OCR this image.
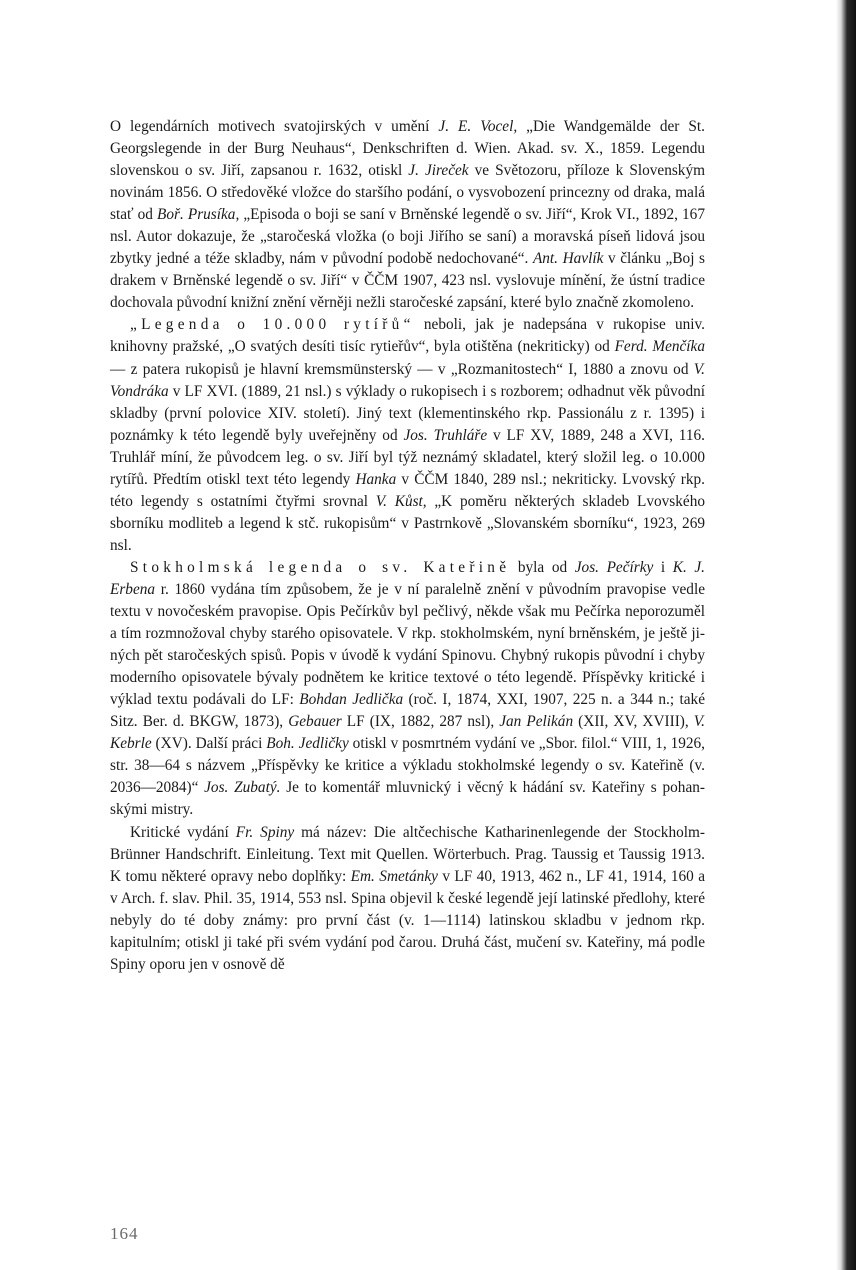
O legendárních motivech svatojirských v umění J. E. Vocel, „Die Wandgemälde der St. Georgslegende in der Burg Neuhaus“, Denkschriften d. Wien. Akad. sv. X., 1859. Legendu slovenskou o sv. Jiří, zapsanou r. 1632, otiskl J. Jireček ve Světozoru, příloze k Slovenským novinám 1856. O středověké vložce do staršího podání, o vysvobození princezny od draka, malá stať od Boř. Prusíka, „Episoda o boji se saní v Brněnské legendě o sv. Jiří“, Krok VI., 1892, 167 nsl. Autor dokazuje, že „staročeská vložka (o boji Jiřího se saní) a moravská píseň lidová jsou zbytky jedné a téže skladby, nám v původní podobě nedochované“. Ant. Havlík v článku „Boj s drakem v Brněnské legendě o sv. Jiří“ v ČČM 1907, 423 nsl. vyslovuje mínění, že ústní tradice dochovala původní knižní znění věrněji nežli staročeské zapsání, které bylo značně zkomoleno.

„Legenda o 10.000 rytířů“ neboli, jak je nadepsána v rukopise univ. knihovny pražské, „O svatých desíti tisíc rytieřův“, byla otištěna (nekriticky) od Ferd. Menčíka — z patera rukopisů je hlavní kremsmünsterský — v „Rozmanitostech“ I, 1880 a znovu od V. Vondráka v LF XVI. (1889, 21 nsl.) s výklady o rukopisech i s rozborem; odhadnut věk původní skladby (první polovice XIV. století). Jiný text (klementinského rkp. Passionálu z r. 1395) i poznámky k této legendě byly uveřejněny od Jos. Truhláře v LF XV, 1889, 248 a XVI, 116. Truhlář míní, že původcem leg. o sv. Jiří byl týž neznámý skladatel, který složil leg. o 10.000 rytířů. Předtím otiskl text této legendy Hanka v ČČM 1840, 289 nsl.; nekriticky. Lvovský rkp. této legendy s ostatními čtyřmi srovnal V. Kůst, „K poměru některých skladeb Lvovského sborníku modliteb a legend k stč. rukopisům“ v Pastrnkově „Slovanském sborníku“, 1923, 269 nsl.

Stokholmská legenda o sv. Kateřině byla od Jos. Pečírky i K. J. Erbena r. 1860 vydána tím způsobem, že je v ní paralelně znění v původním pravopise vedle textu v novočeském pravopise. Opis Pečírkův byl pečlivý, někde však mu Pečírka neporozuměl a tím rozmnožoval chyby starého opisovatele. V rkp. stokholmském, nyní brněnském, je ještě jiných pět staročeských spisů. Popis v úvodě k vydání Spinovu. Chybný rukopis původní i chyby moderního opisovatele bývaly podnětem ke kritice textové o této legendě. Příspěvky kritické i výklad textu podávali do LF: Bohdan Jedlička (roč. I, 1874, XXI, 1907, 225 n. a 344 n.; také Sitz. Ber. d. BKGW, 1873), Gebauer LF (IX, 1882, 287 nsl), Jan Pelikán (XII, XV, XVIII), V. Kebrle (XV). Další práci Boh. Jedličky otiskl v posmrtném vydání ve „Sbor. filol.“ VIII, 1, 1926, str. 38—64 s názvem „Příspěvky ke kritice a výkladu stokholmské legendy o sv. Kateřině (v. 2036—2084)“ Jos. Zubatý. Je to komentář mluvnický i věcný k hádání sv. Kateřiny s pohanskými mistry.

Kritické vydání Fr. Spiny má název: Die altčechische Katharinenlegende der Stockholm-Brünner Handschrift. Einleitung. Text mit Quellen. Wörterbuch. Prag. Taussig et Taussig 1913. K tomu některé opravy nebo doplňky: Em. Smetánky v LF 40, 1913, 462 n., LF 41, 1914, 160 a v Arch. f. slav. Phil. 35, 1914, 553 nsl. Spina objevil k české legendě její latinské předlohy, které nebyly do té doby známy: pro první část (v. 1—1114) latinskou skladbu v jednom rkp. kapitulním; otiskl ji také při svém vydání pod čarou. Druhá část, mučení sv. Kateřiny, má podle Spiny oporu jen v osnově dě

164
